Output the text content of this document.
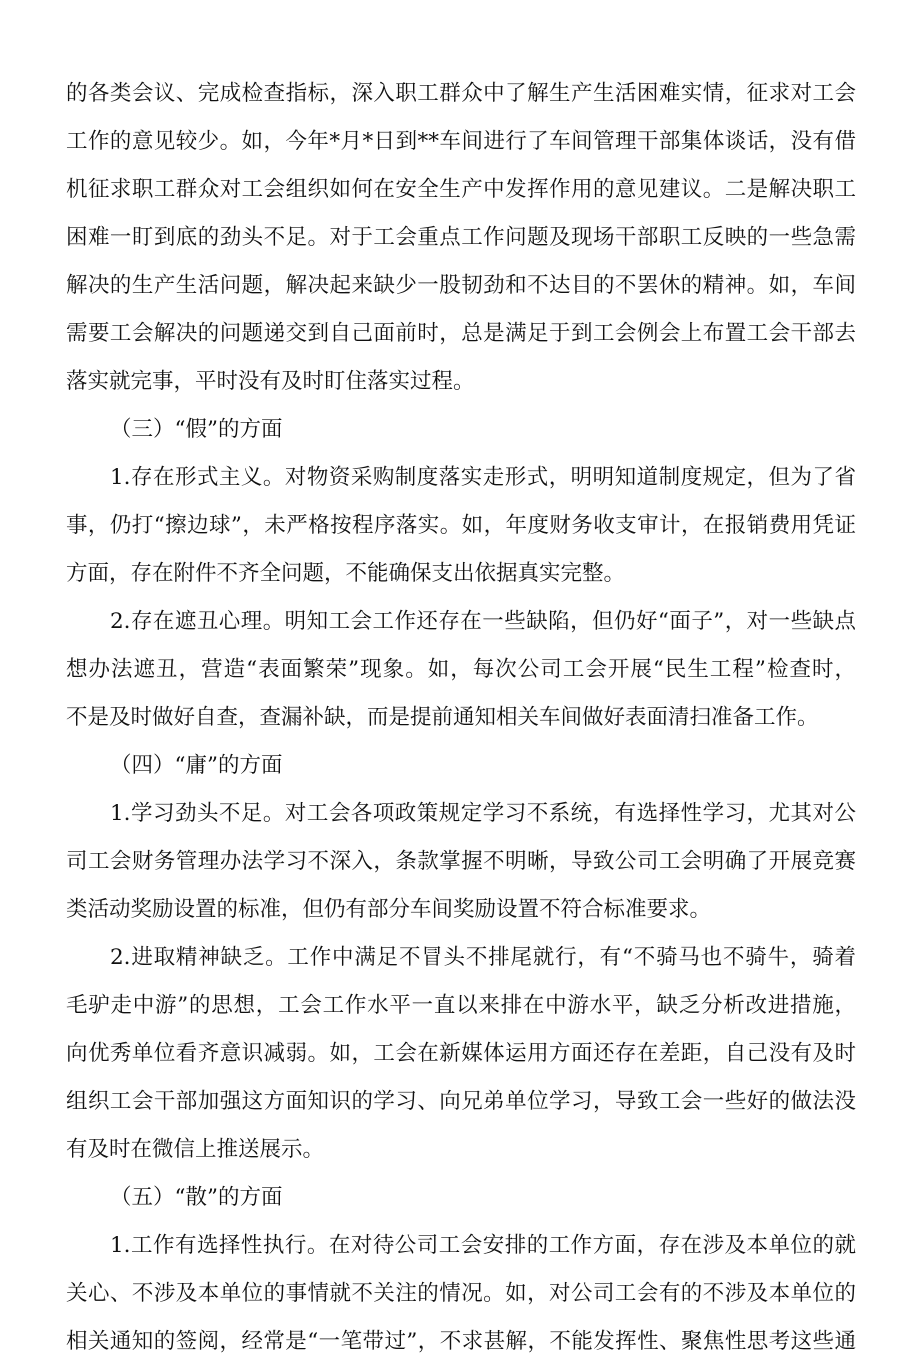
的各类会议、完成检查指标，深入职工群众中了解生产生活困难实情，征求对工会
工作的意见较少。如，今年*月*日到**车间进行了车间管理干部集体谈话，没有借
机征求职工群众对工会组织如何在安全生产中发挥作用的意见建议。二是解决职工
困难一盯到底的劲头不足。对于工会重点工作问题及现场干部职工反映的一些急需
解决的生产生活问题，解决起来缺少一股韧劲和不达目的不罢休的精神。如，车间
需要工会解决的问题递交到自己面前时，总是满足于到工会例会上布置工会干部去
落实就完事，平时没有及时盯住落实过程。
（三）“假”的方面
1.存在形式主义。对物资采购制度落实走形式，明明知道制度规定，但为了省
事，仍打“擦边球”，未严格按程序落实。如，年度财务收支审计，在报销费用凭证
方面，存在附件不齐全问题，不能确保支出依据真实完整。
2.存在遮丑心理。明知工会工作还存在一些缺陷，但仍好“面子”，对一些缺点
想办法遮丑，营造“表面繁荣”现象。如，每次公司工会开展“民生工程”检查时，
不是及时做好自查，查漏补缺，而是提前通知相关车间做好表面清扫准备工作。
（四）“庸”的方面
1.学习劲头不足。对工会各项政策规定学习不系统，有选择性学习，尤其对公
司工会财务管理办法学习不深入，条款掌握不明晰，导致公司工会明确了开展竞赛
类活动奖励设置的标准，但仍有部分车间奖励设置不符合标准要求。
2.进取精神缺乏。工作中满足不冒头不排尾就行，有“不骑马也不骑牛，骑着
毛驴走中游”的思想，工会工作水平一直以来排在中游水平，缺乏分析改进措施，
向优秀单位看齐意识减弱。如，工会在新媒体运用方面还存在差距，自己没有及时
组织工会干部加强这方面知识的学习、向兄弟单位学习，导致工会一些好的做法没
有及时在微信上推送展示。
（五）“散”的方面
1.工作有选择性执行。在对待公司工会安排的工作方面，存在涉及本单位的就
关心、不涉及本单位的事情就不关注的情况。如，对公司工会有的不涉及本单位的
相关通知的签阅，经常是“一笔带过”，不求甚解，不能发挥性、聚焦性思考这些通
